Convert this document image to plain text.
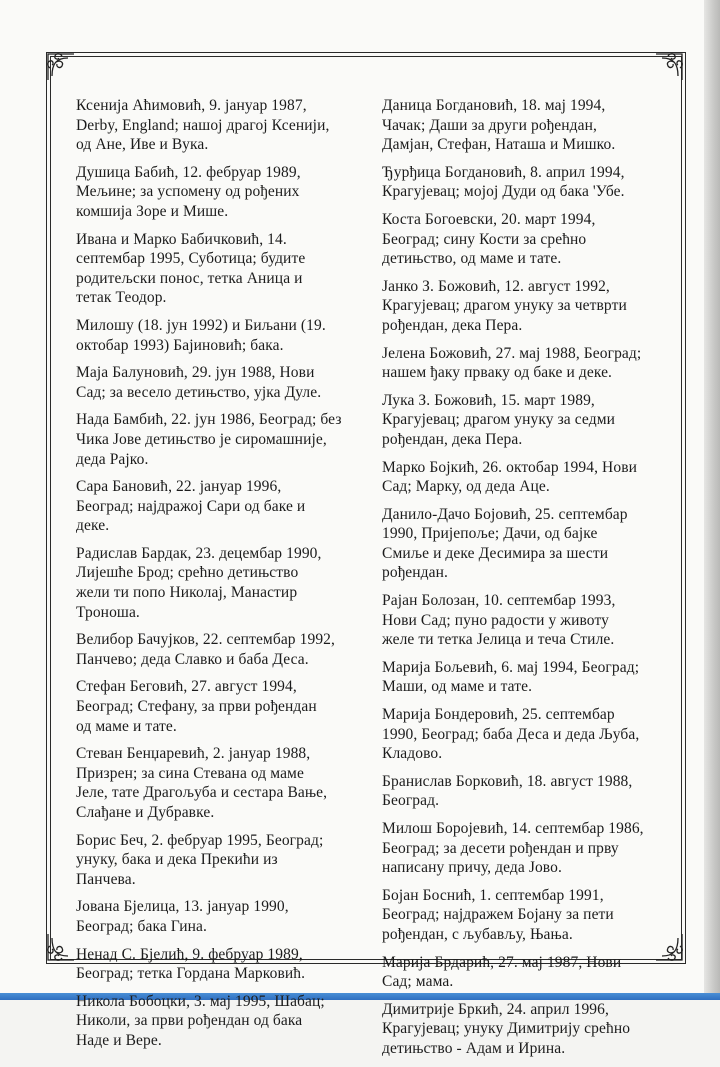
Ксенија Аћимовић, 9. јануар 1987,
Derby, England; нашој драгој Ксенији,
од Ане, Иве и Вука.

Душица Бабић, 12. фебруар 1989,
Мељине; за успомену од рођених
комшија Зоре и Мише.

Ивана и Марко Бабичковић, 14.
септембар 1995, Суботица; будите
родитељски понос, тетка Аница и
тетак Теодор.

Милошу (18. јун 1992) и Биљани (19.
октобар 1993) Бајиновић; бака.

Маја Балуновић, 29. јун 1988, Нови
Сад; за весело детињство, ујка Дуле.

Нада Бамбић, 22. јун 1986, Београд; без
Чика Јове детињство је сиромашније,
деда Рајко.

Сара Бановић, 22. јануар 1996,
Београд; најдражој Сари од баке и
деке.

Радислав Бардак, 23. децембар 1990,
Лијешће Брод; срећно детињство
жели ти попо Николај, Манастир
Троноша.

Велибор Бачујков, 22. септембар 1992,
Панчево; деда Славко и баба Деса.

Стефан Беговић, 27. август 1994,
Београд; Стефану, за први рођендан
од маме и тате.

Стеван Бенџаревић, 2. јануар 1988,
Призрен; за сина Стевана од маме
Јеле, тате Драгољуба и сестара Вање,
Слађане и Дубравке.

Борис Беч, 2. фебруар 1995, Београд;
унуку, бака и дека Прекићи из
Панчева.

Јована Бјелица, 13. јануар 1990,
Београд; бака Гина.

Ненад С. Бјелић, 9. фебруар 1989,
Београд; тетка Гордана Марковић.

Никола Бобоцки, 3. мај 1995, Шабац;
Николи, за први рођендан од бака
Наде и Вере.

Даница Богдановић, 18. мај 1994,
Чачак; Даши за други рођендан,
Дамјан, Стефан, Наташа и Мишко.

Ђурђица Богдановић, 8. април 1994,
Крагујевац; мојој Дуди од бака 'Убе.

Коста Богоевски, 20. март 1994,
Београд; сину Кости за срећно
детињство, од маме и тате.

Јанко З. Божовић, 12. август 1992,
Крагујевац; драгом унуку за четврти
рођендан, дека Пера.

Јелена Божовић, 27. мај 1988, Београд;
нашем ђаку првaку од баке и деке.

Лука З. Божовић, 15. март 1989,
Крагујевац; драгом унуку за седми
рођендан, дека Пера.

Марко Бојкић, 26. октобар 1994, Нови
Сад; Марку, од деда Аце.

Данило-Дачо Бојовић, 25. септембар
1990, Пријепоље; Дачи, од бајке
Смиље и деке Десимира за шести
рођендан.

Рајан Болозан, 10. септембар 1993,
Нови Сад; пуно радости у животу
желе ти тетка Јелица и теча Стиле.

Марија Бољевић, 6. мај 1994, Београд;
Маши, од маме и тате.

Марија Бондеровић, 25. септембар
1990, Београд; баба Деса и деда Љуба,
Кладово.

Бранислав Борковић, 18. август 1988,
Београд.

Милош Борojeвић, 14. септембар 1986,
Београд; за десети рођендан и прву
написану причу, деда Јово.

Бојан Боснић, 1. септембар 1991,
Београд; најдражем Бојану за пети
рођендан, с љубављу, Њања.

Марија Брдарић, 27. мај 1987, Нови
Сад; мама.

Димитрије Бркић, 24. април 1996,
Крагујевац; унуку Димитрију срећно
детињство - Адам и Ирина.
